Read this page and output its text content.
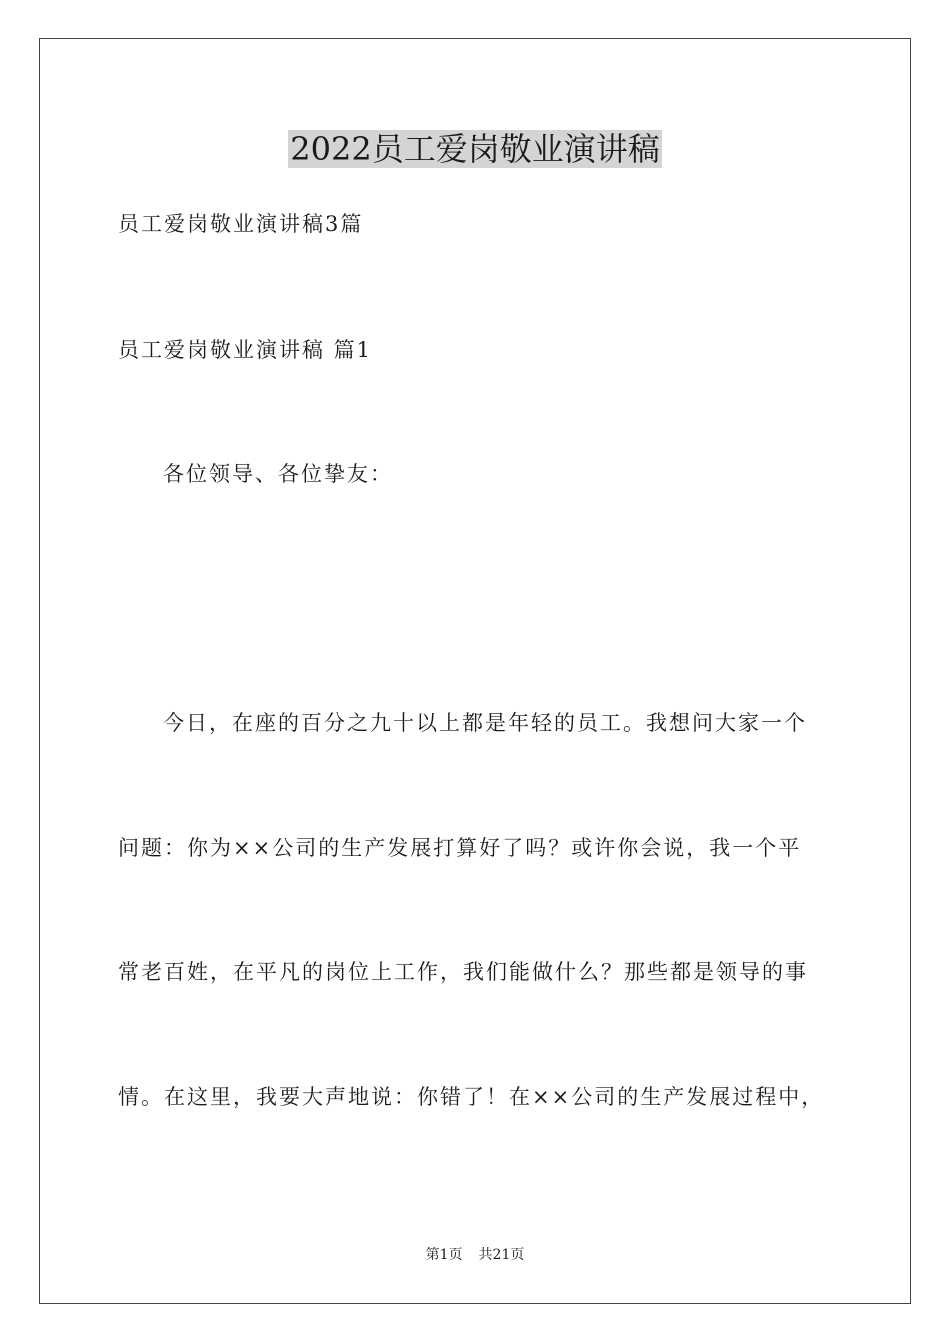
2022员工爱岗敬业演讲稿
员工爱岗敬业演讲稿3篇
员工爱岗敬业演讲稿 篇1
各位领导、各位挚友：
今日，在座的百分之九十以上都是年轻的员工。我想问大家一个
问题：你为××公司的生产发展打算好了吗？或许你会说，我一个平
常老百姓，在平凡的岗位上工作，我们能做什么？那些都是领导的事
情。在这里，我要大声地说：你错了！在××公司的生产发展过程中，
第1页 共21页
